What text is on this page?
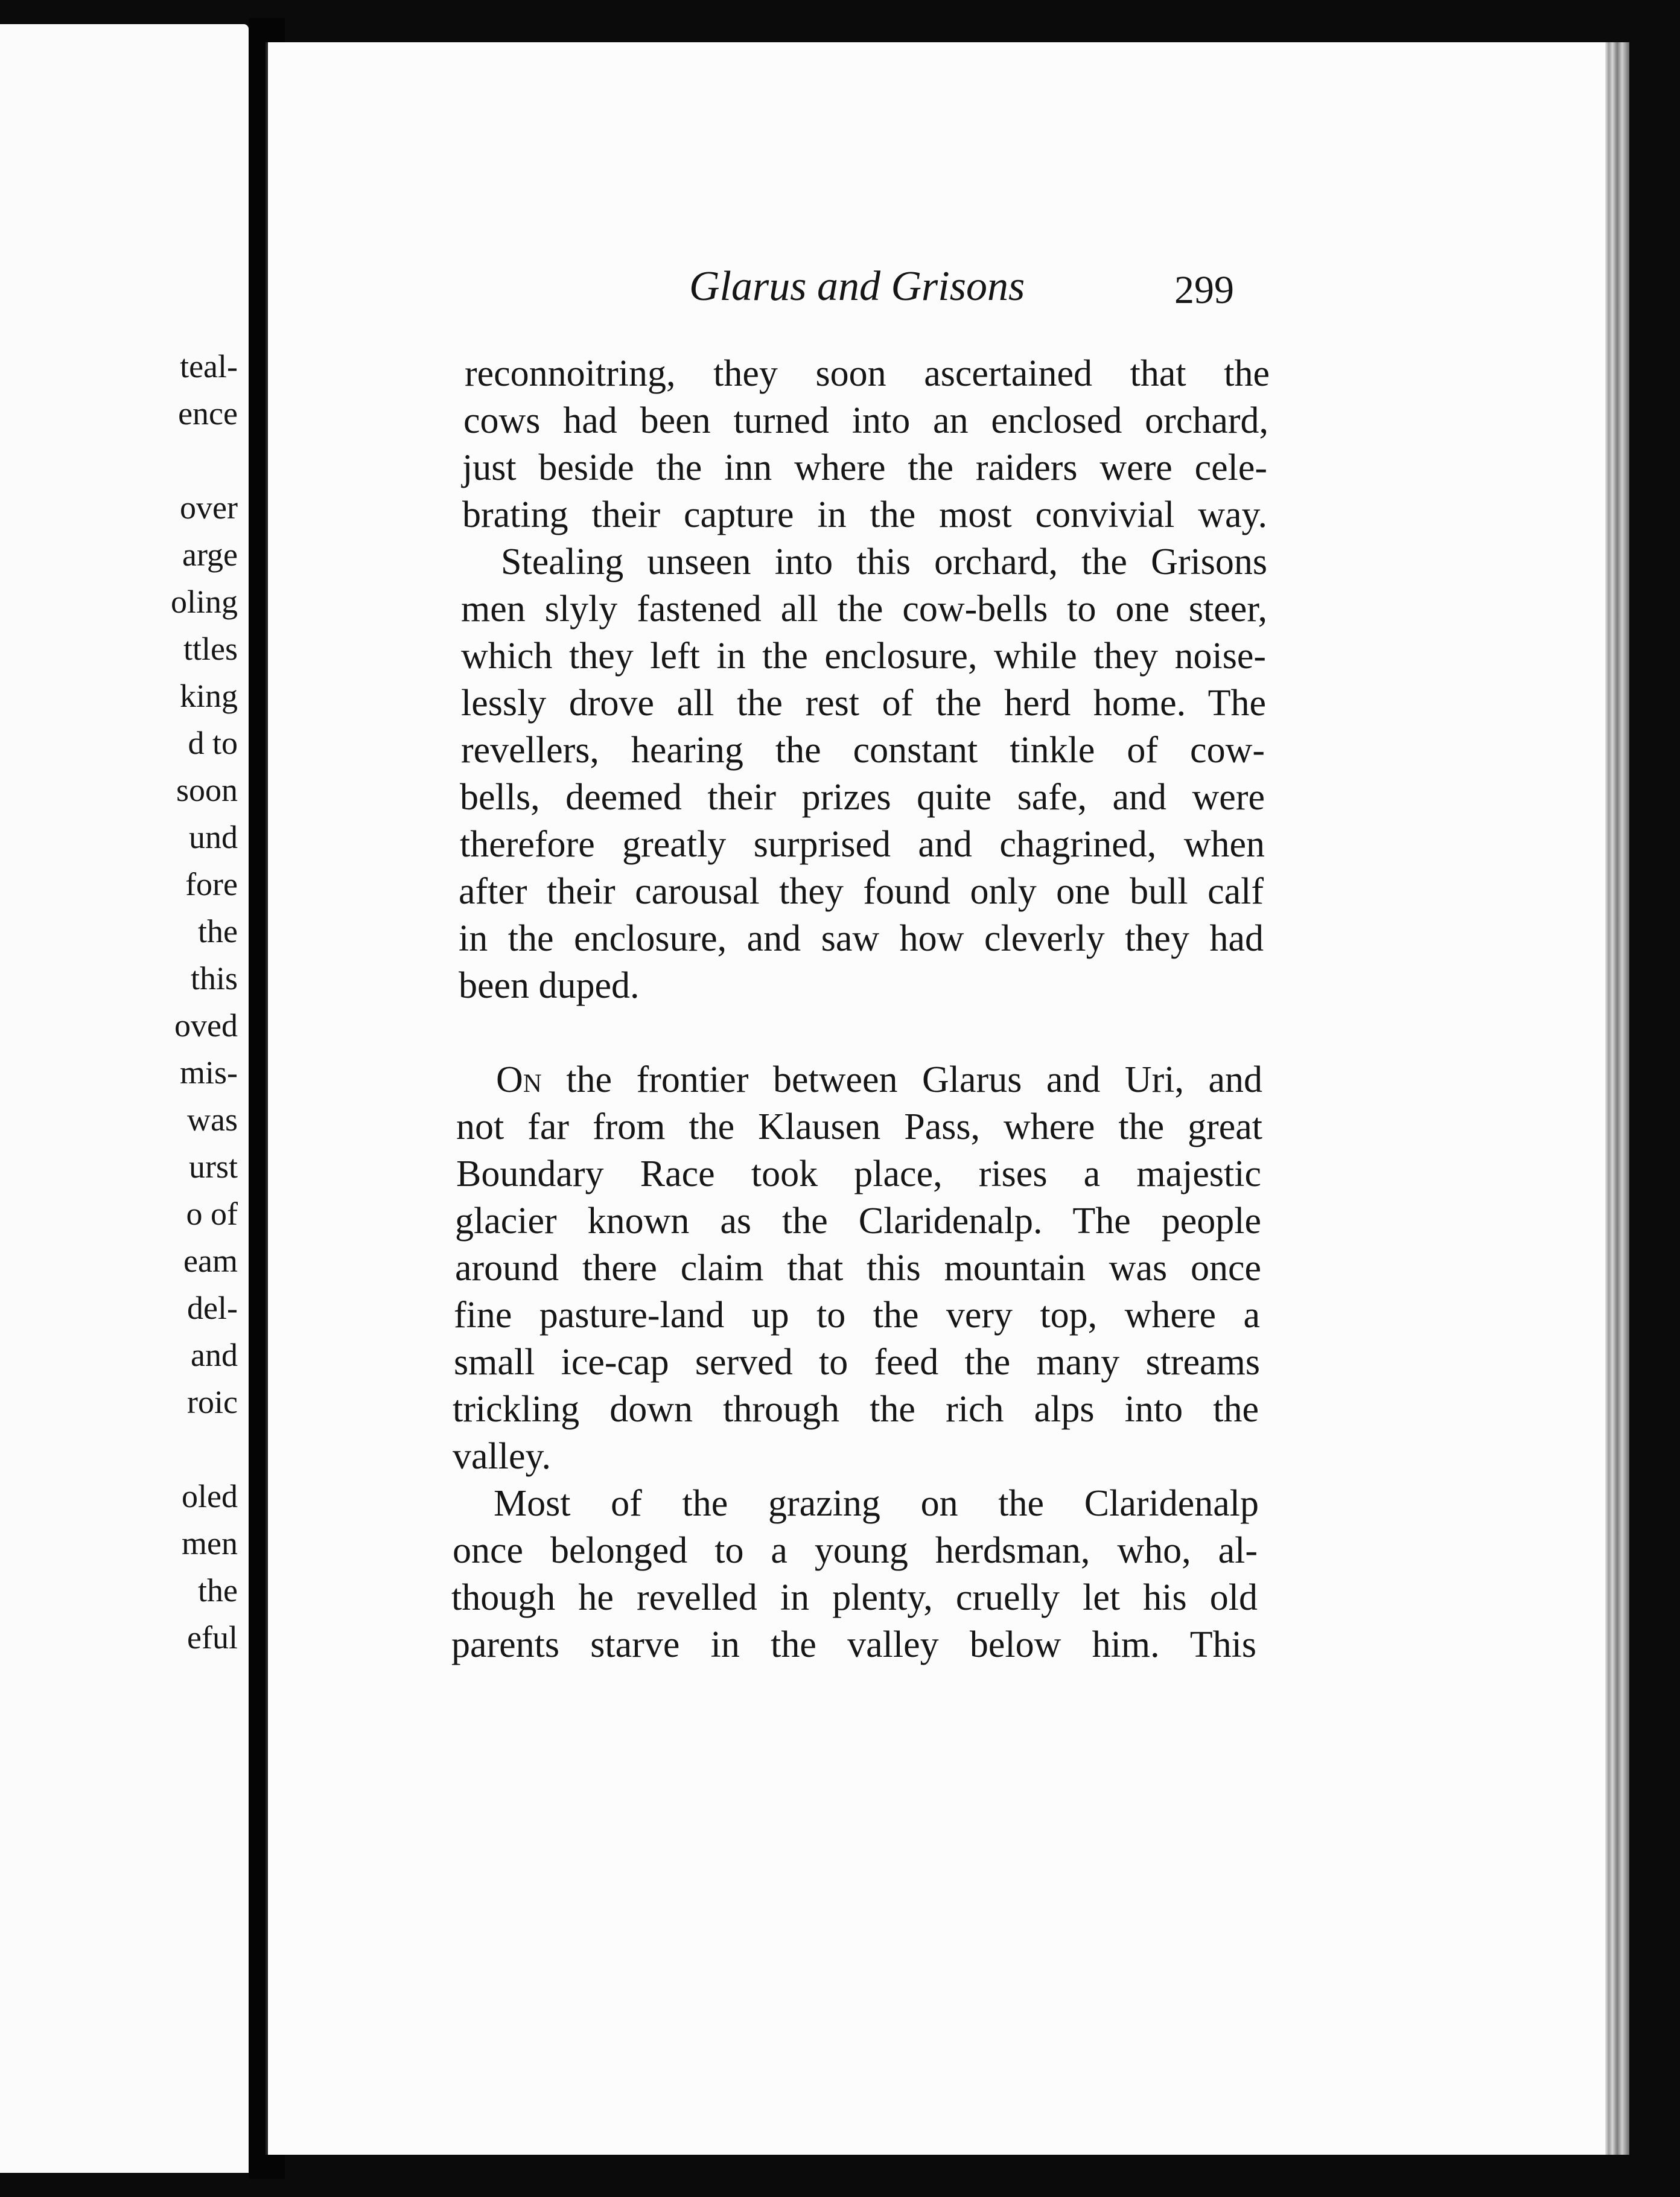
teal-

ence

over

arge

oling

ttles

king

d to

soon

und

fore

the

this

oved

mis-

was

urst

o of

eam

del-

and

roic

oled

men

the

eful

Glarus and Grisons	299

reconnoitring, they soon ascertained that the

cows had been turned into an enclosed orchard,

just beside the inn where the raiders were cele-

brating their capture in the most convivial way.

Stealing unseen into this orchard, the Grisons

men slyly fastened all the cow-bells to one steer,

which they left in the enclosure, while they noise-

lessly drove all the rest of the herd home. The

revellers, hearing the constant tinkle of cow-

bells, deemed their prizes quite safe, and were

therefore greatly surprised and chagrined, when

after their carousal they found only one bull calf

in the enclosure, and saw how cleverly they had

been duped.

On the frontier between Glarus and Uri, and

not far from the Klausen Pass, where the great

Boundary Race took place, rises a majestic

glacier known as the Claridenalp. The people

around there claim that this mountain was once

fine pasture-land up to the very top, where a

small ice-cap served to feed the many streams

trickling down through the rich alps into the

valley.

Most of the grazing on the Claridenalp

once belonged to a young herdsman, who, al-

though he revelled in plenty, cruelly let his old

parents starve in the valley below him. This
